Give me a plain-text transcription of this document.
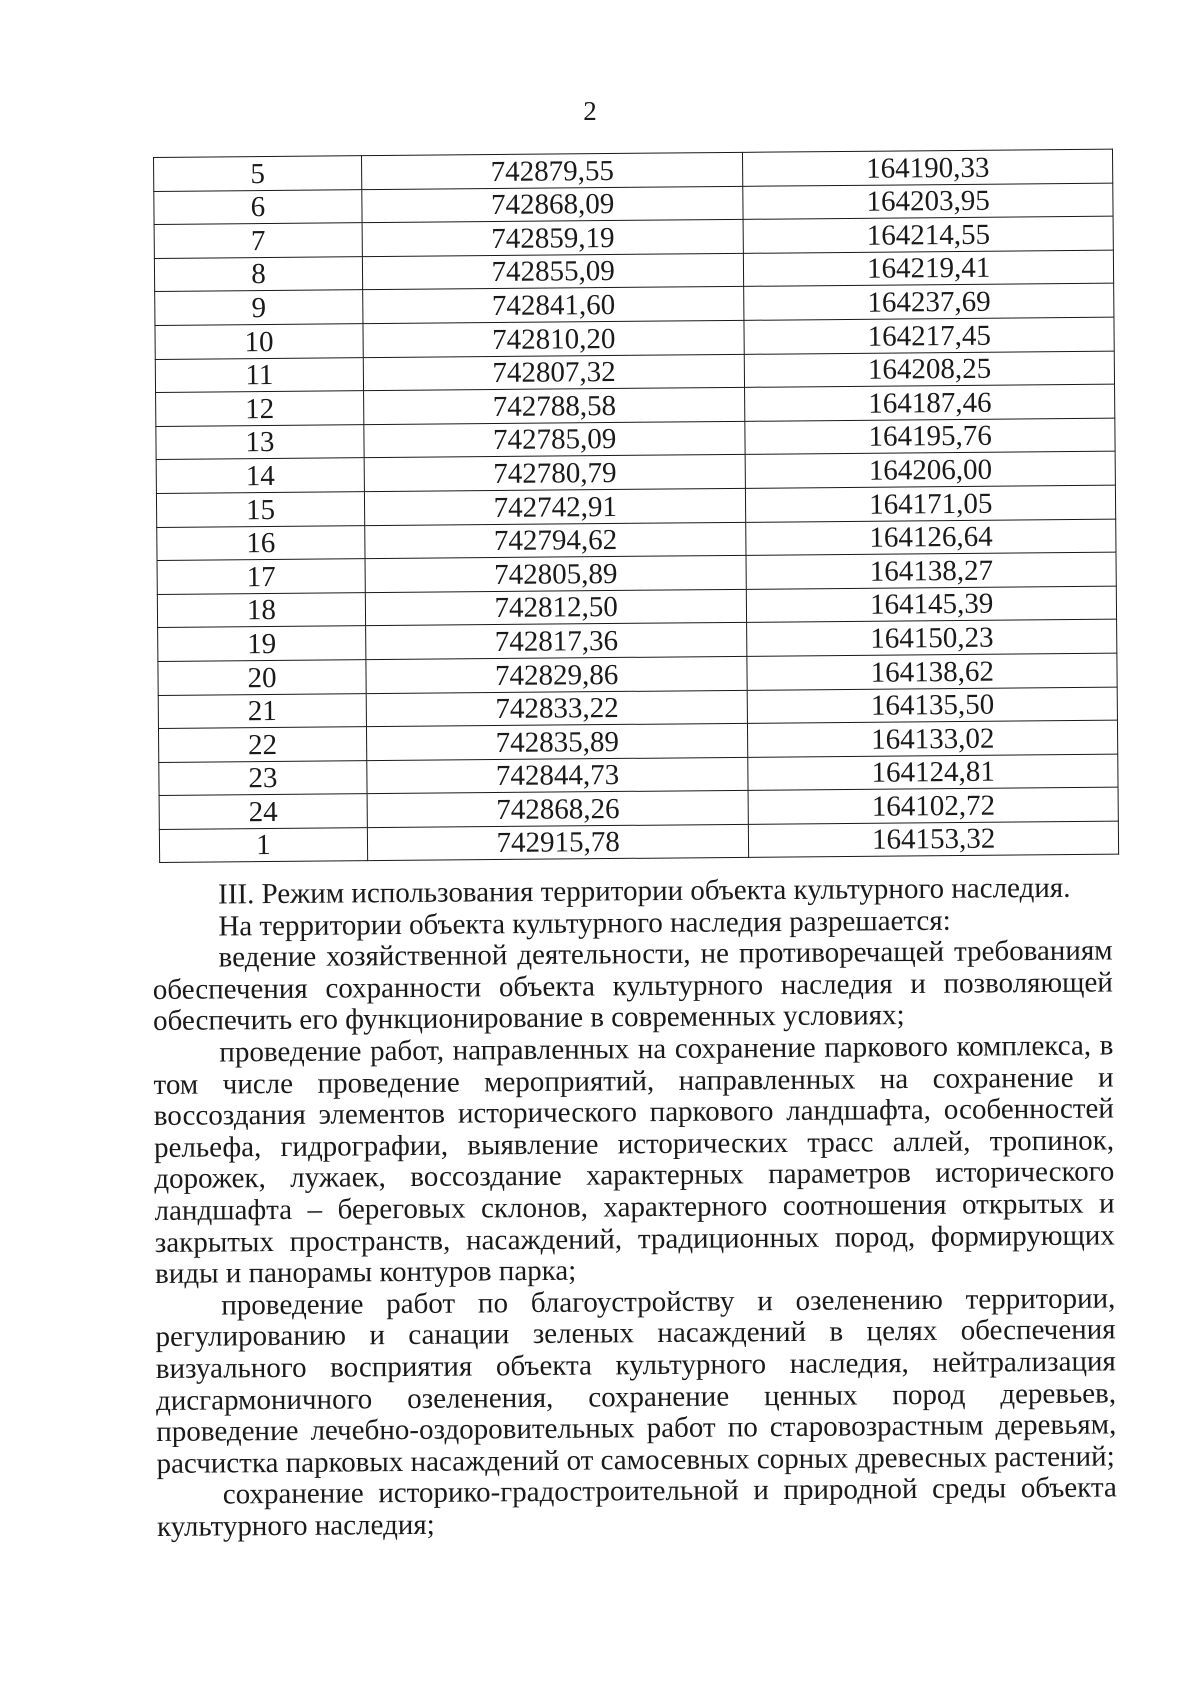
2
5	742879,55	164190,33
6	742868,09	164203,95
7	742859,19	164214,55
8	742855,09	164219,41
9	742841,60	164237,69
10	742810,20	164217,45
11	742807,32	164208,25
12	742788,58	164187,46
13	742785,09	164195,76
14	742780,79	164206,00
15	742742,91	164171,05
16	742794,62	164126,64
17	742805,89	164138,27
18	742812,50	164145,39
19	742817,36	164150,23
20	742829,86	164138,62
21	742833,22	164135,50
22	742835,89	164133,02
23	742844,73	164124,81
24	742868,26	164102,72
1	742915,78	164153,32

III. Режим использования территории объекта культурного наследия.

На территории объекта культурного наследия разрешается:

ведение хозяйственной деятельности, не противоречащей требованиям обеспечения сохранности объекта культурного наследия и позволяющей обеспечить его функционирование в современных условиях;

проведение работ, направленных на сохранение паркового комплекса, в том числе проведение мероприятий, направленных на сохранение и воссоздания элементов исторического паркового ландшафта, особенностей рельефа, гидрографии, выявление исторических трасс аллей, тропинок, дорожек, лужаек, воссоздание характерных параметров исторического ландшафта – береговых склонов, характерного соотношения открытых и закрытых пространств, насаждений, традиционных пород, формирующих виды и панорамы контуров парка;

проведение работ по благоустройству и озеленению территории, регулированию и санации зеленых насаждений в целях обеспечения визуального восприятия объекта культурного наследия, нейтрализация дисгармоничного озеленения, сохранение ценных пород деревьев, проведение лечебно-оздоровительных работ по старовозрастным деревьям, расчистка парковых насаждений от самосевных сорных древесных растений;

сохранение историко-градостроительной и природной среды объекта культурного наследия;
